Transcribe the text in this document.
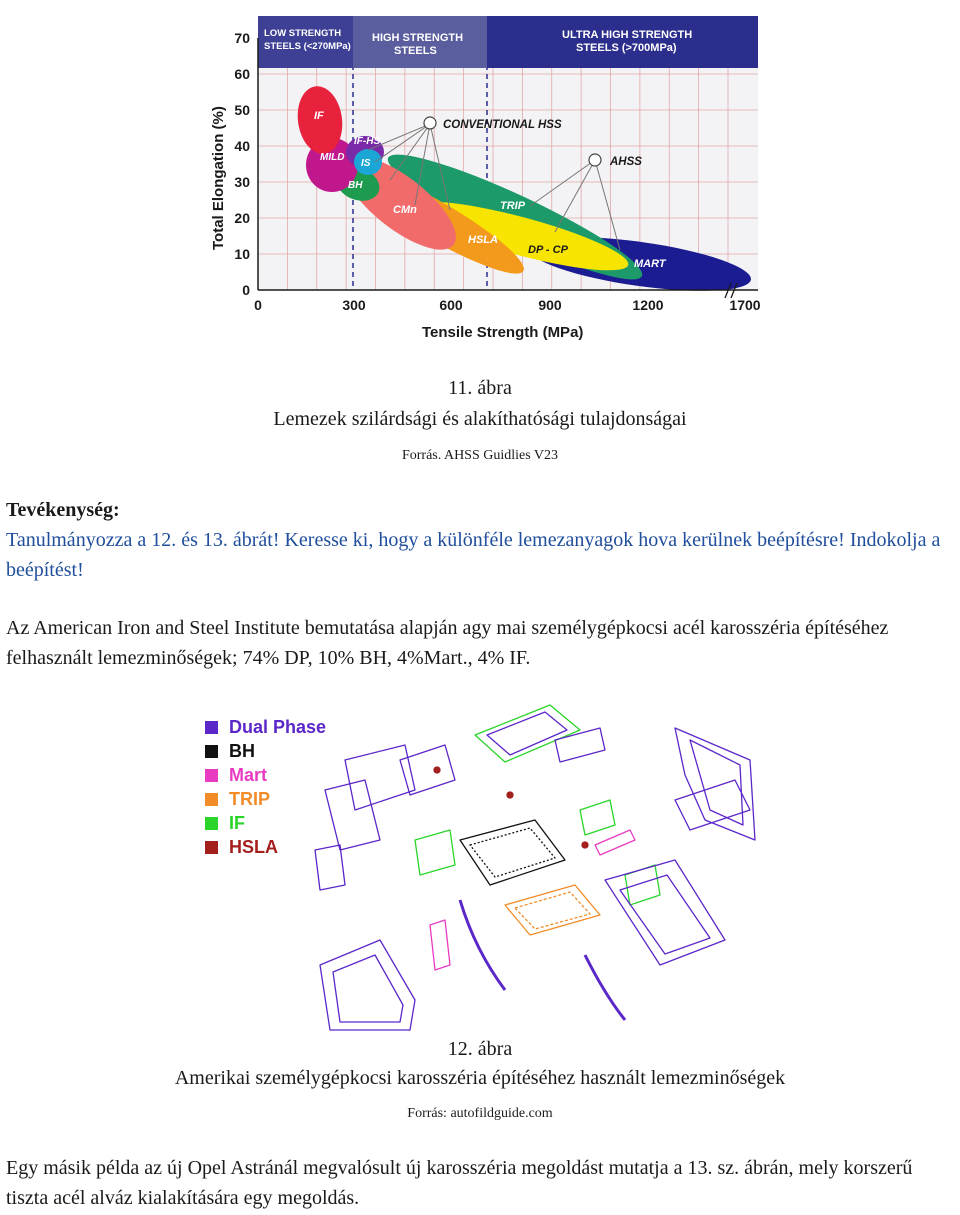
LOW STRENGTH
STEELS (<270MPa)
HIGH STRENGTH
STEELS
ULTRA HIGH STRENGTH
STEELS (>700MPa)
IF
MILD
IF-HS
IS
BH
CMn
HSLA
TRIP
DP - CP
MART
CONVENTIONAL HSS
AHSS
0
10
20
30
40
50
60
70
0	300	600	900	1200	1700
Tensile Strength (MPa)
Total Elongation (%)
11. ábra
Lemezek szilárdsági és alakíthatósági tulajdonságai
Forrás. AHSS Guidlies V23
Tevékenység:
Tanulmányozza a 12. és 13. ábrát! Keresse ki, hogy a különféle lemezanyagok hova kerülnek beépítésre! Indokolja a beépítést!
Az American Iron and Steel Institute bemutatása alapján agy mai személygépkocsi acél karosszéria építéséhez felhasznált lemezminőségek; 74% DP, 10% BH, 4%Mart., 4% IF.
Dual Phase
BH
Mart
TRIP
IF
HSLA
12. ábra
Amerikai személygépkocsi karosszéria építéséhez használt lemezminőségek
Forrás: autofildguide.com
Egy másik példa az új Opel Astránál megvalósult új karosszéria megoldást mutatja a 13. sz. ábrán, mely korszerű tiszta acél alváz kialakítására egy megoldás.
